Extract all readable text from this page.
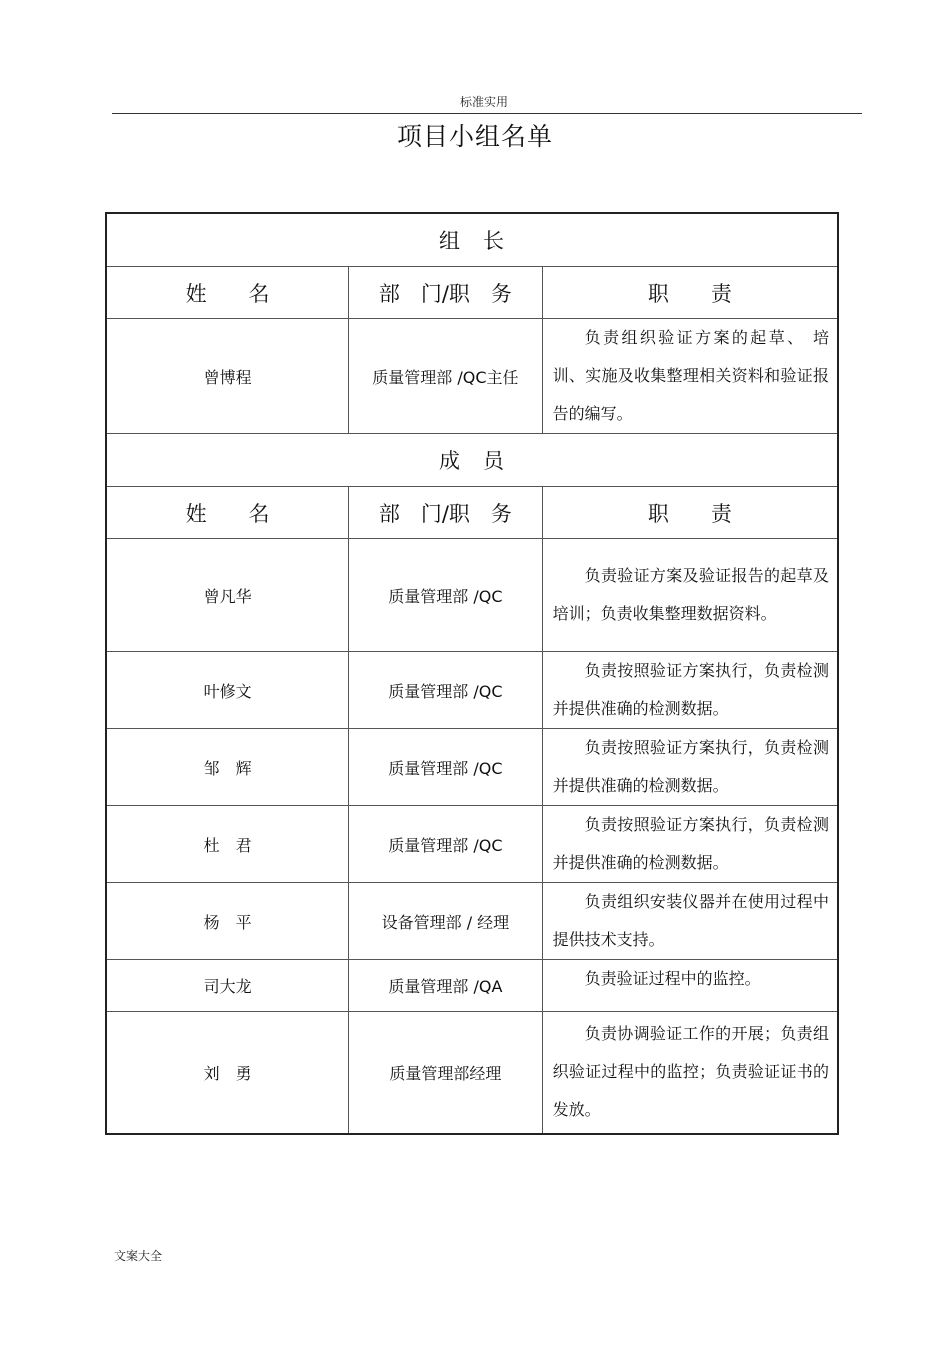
标准实用
项目小组名单
组　长		
姓　　名	部　门/职　务	职　　责
曾博程	质量管理部 /QC主任	负责组织验证方案的起草、 培训、实施及收集整理相关资料和验证报告的编写。
成　员		
姓　　名	部　门/职　务	职　　责
曾凡华	质量管理部 /QC	负责验证方案及验证报告的起草及培训；负责收集整理数据资料。
叶修文	质量管理部 /QC	负责按照验证方案执行，负责检测并提供准确的检测数据。
邹　辉	质量管理部 /QC	负责按照验证方案执行，负责检测并提供准确的检测数据。
杜　君	质量管理部 /QC	负责按照验证方案执行，负责检测并提供准确的检测数据。
杨　平	设备管理部 / 经理	负责组织安装仪器并在使用过程中提供技术支持。
司大龙	质量管理部 /QA	负责验证过程中的监控。
刘　勇	质量管理部经理	负责协调验证工作的开展；负责组织验证过程中的监控；负责验证证书的发放。
文案大全
